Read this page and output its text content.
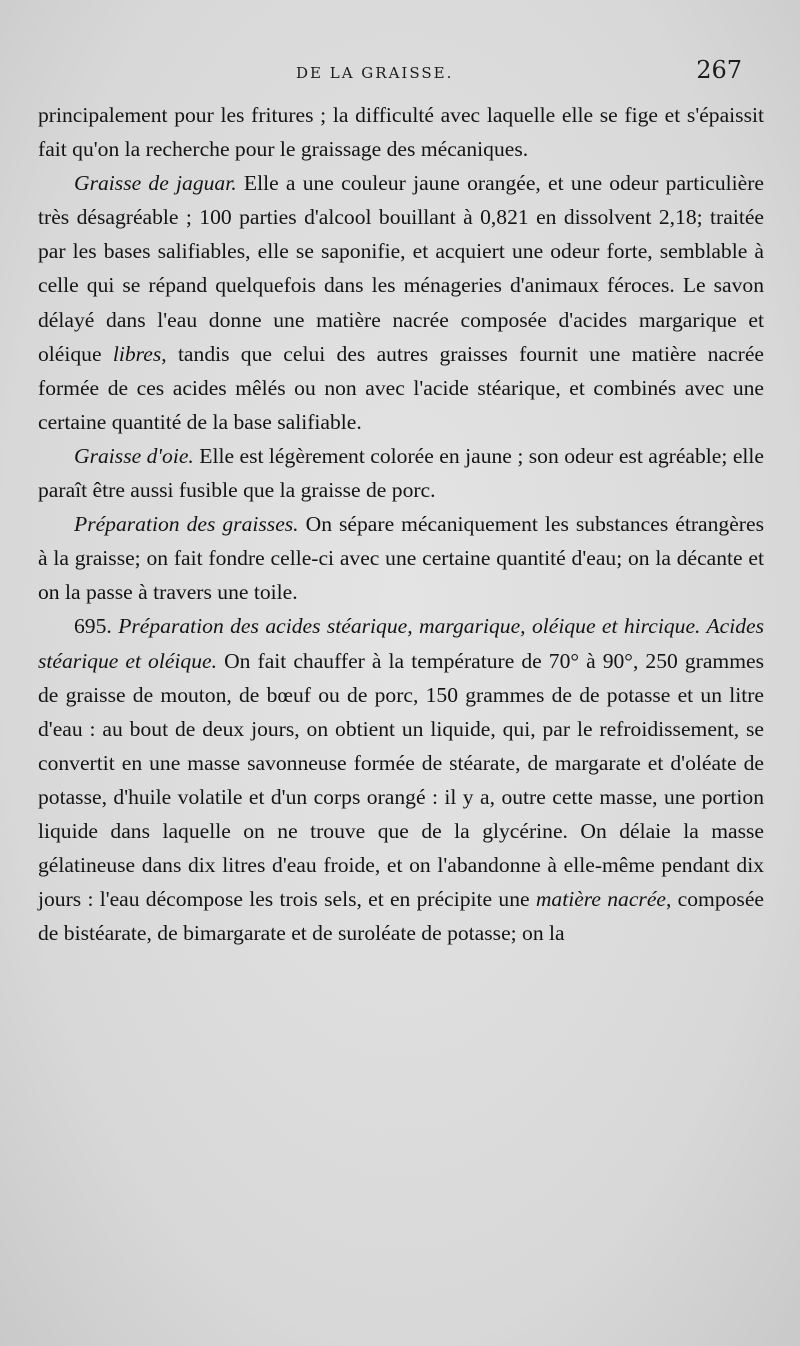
DE LA GRAISSE.	267

principalement pour les fritures ; la difficulté avec laquelle elle se fige et s'épaissit fait qu'on la recherche pour le graissage des mécaniques.

Graisse de jaguar. Elle a une couleur jaune orangée, et une odeur particulière très désagréable ; 100 parties d'alcool bouillant à 0,821 en dissolvent 2,18; traitée par les bases salifiables, elle se saponifie, et acquiert une odeur forte, semblable à celle qui se répand quelquefois dans les ménageries d'animaux féroces. Le savon délayé dans l'eau donne une matière nacrée composée d'acides margarique et oléique libres, tandis que celui des autres graisses fournit une matière nacrée formée de ces acides mêlés ou non avec l'acide stéarique, et combinés avec une certaine quantité de la base salifiable.

Graisse d'oie. Elle est légèrement colorée en jaune ; son odeur est agréable; elle paraît être aussi fusible que la graisse de porc.

Préparation des graisses. On sépare mécaniquement les substances étrangères à la graisse; on fait fondre celle-ci avec une certaine quantité d'eau; on la décante et on la passe à travers une toile.

695. Préparation des acides stéarique, margarique, oléique et hircique. Acides stéarique et oléique. On fait chauffer à la température de 70° à 90°, 250 grammes de graisse de mouton, de bœuf ou de porc, 150 grammes de de potasse et un litre d'eau : au bout de deux jours, on obtient un liquide, qui, par le refroidissement, se convertit en une masse savonneuse formée de stéarate, de margarate et d'oléate de potasse, d'huile volatile et d'un corps orangé : il y a, outre cette masse, une portion liquide dans laquelle on ne trouve que de la glycérine. On délaie la masse gélatineuse dans dix litres d'eau froide, et on l'abandonne à elle-même pendant dix jours : l'eau décompose les trois sels, et en précipite une matière nacrée, composée de bistéarate, de bimargarate et de suroléate de potasse; on la
